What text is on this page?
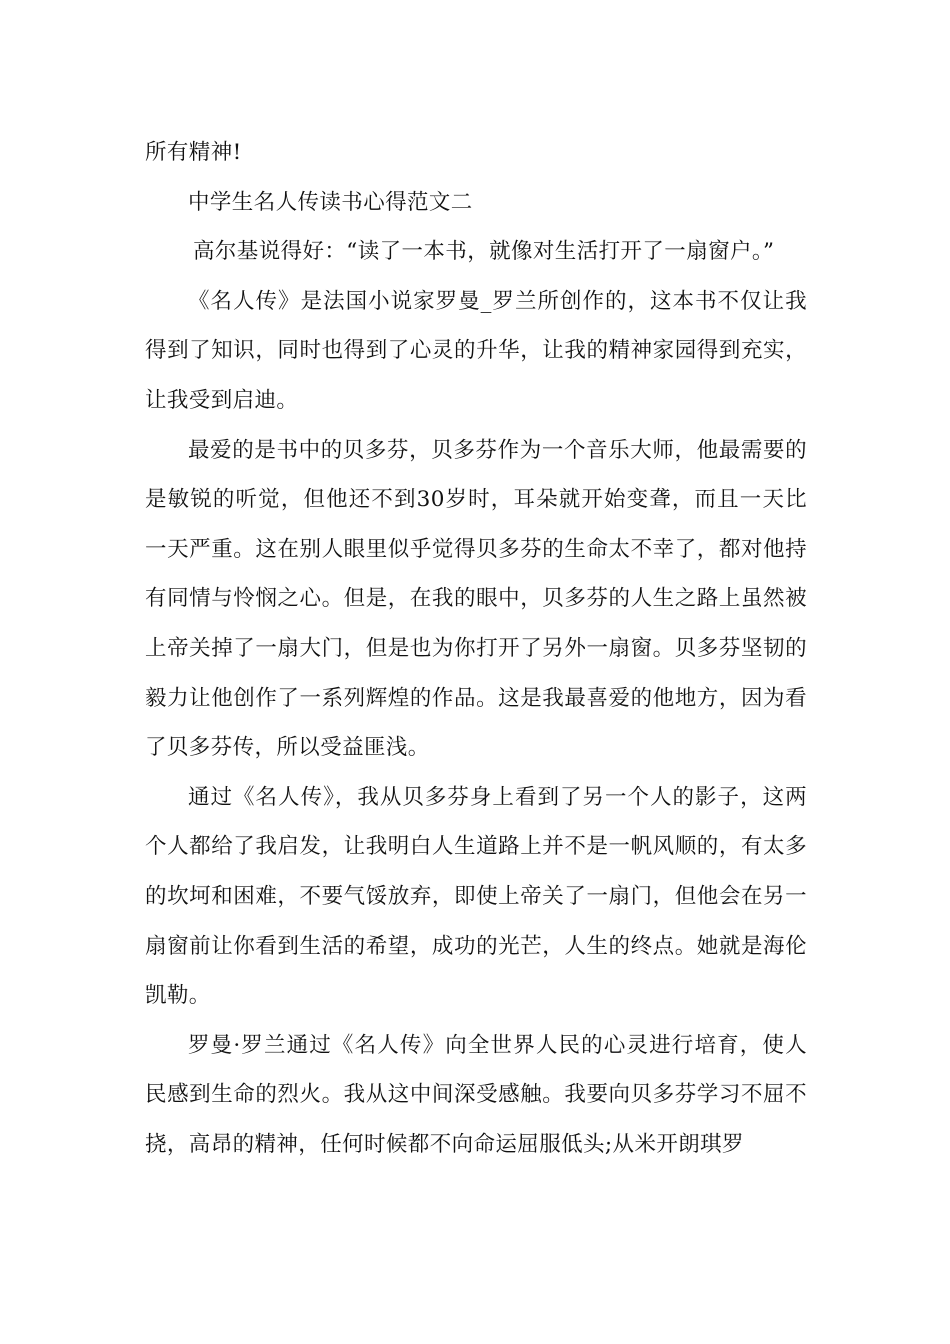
所有精神!

中学生名人传读书心得范文二

高尔基说得好：“读了一本书，就像对生活打开了一扇窗户。”

《名人传》是法国小说家罗曼_罗兰所创作的，这本书不仅让我得到了知识，同时也得到了心灵的升华，让我的精神家园得到充实，让我受到启迪。

最爱的是书中的贝多芬，贝多芬作为一个音乐大师，他最需要的是敏锐的听觉，但他还不到30岁时，耳朵就开始变聋，而且一天比一天严重。这在别人眼里似乎觉得贝多芬的生命太不幸了，都对他持有同情与怜悯之心。但是，在我的眼中，贝多芬的人生之路上虽然被上帝关掉了一扇大门，但是也为你打开了另外一扇窗。贝多芬坚韧的毅力让他创作了一系列辉煌的作品。这是我最喜爱的他地方，因为看了贝多芬传，所以受益匪浅。

通过《名人传》，我从贝多芬身上看到了另一个人的影子，这两个人都给了我启发，让我明白人生道路上并不是一帆风顺的，有太多的坎坷和困难，不要气馁放弃，即使上帝关了一扇门，但他会在另一扇窗前让你看到生活的希望，成功的光芒，人生的终点。她就是海伦凯勒。

罗曼·罗兰通过《名人传》向全世界人民的心灵进行培育，使人民感到生命的烈火。我从这中间深受感触。我要向贝多芬学习不屈不挠，高昂的精神，任何时候都不向命运屈服低头;从米开朗琪罗
